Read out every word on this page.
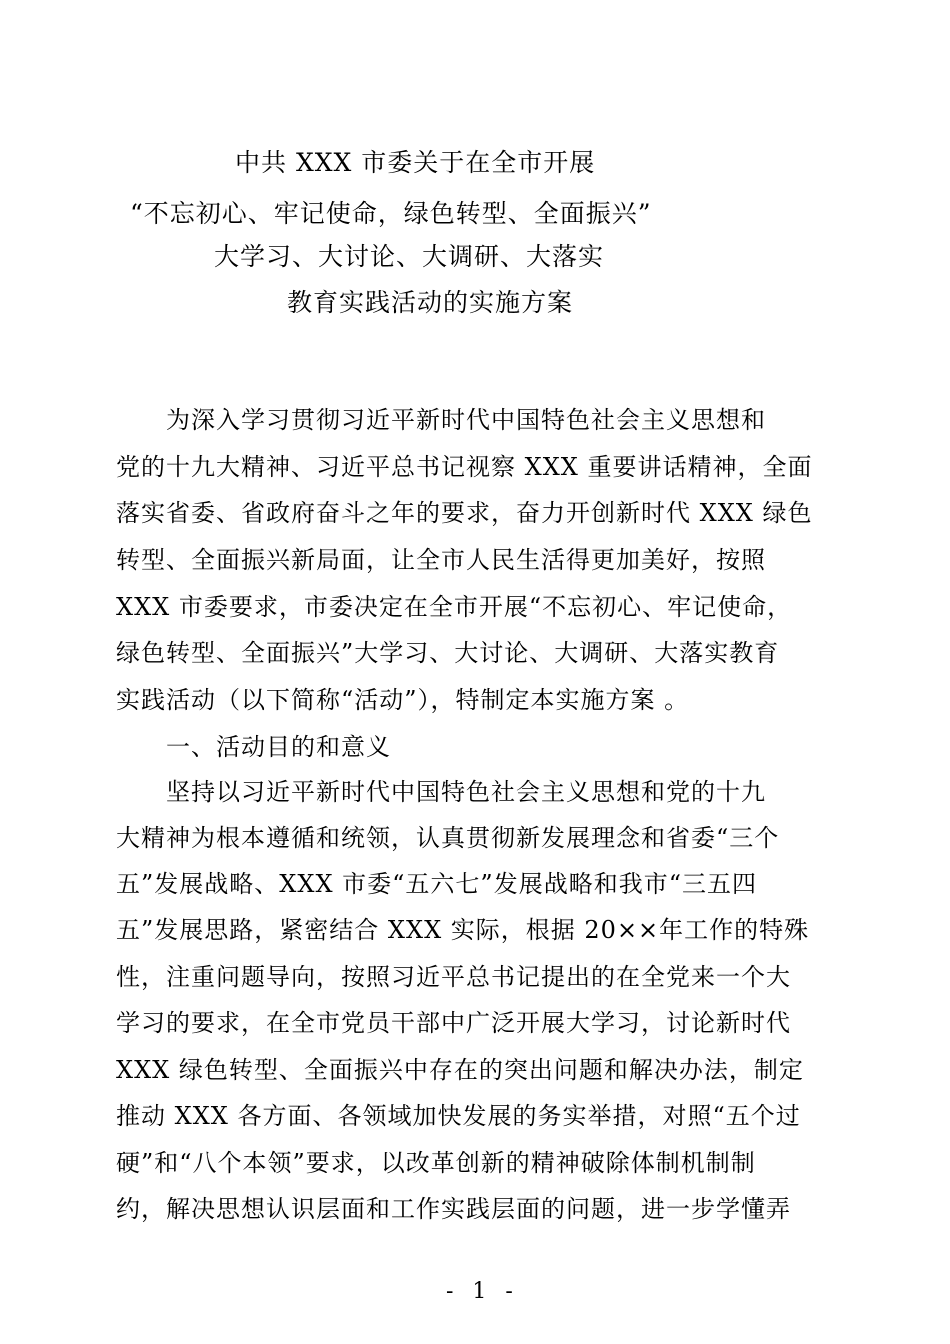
中共 XXX 市委关于在全市开展
“不忘初心、牢记使命，绿色转型、全面振兴”
大学习、大讨论、大调研、大落实
教育实践活动的实施方案
为深入学习贯彻习近平新时代中国特色社会主义思想和
党的十九大精神、习近平总书记视察 XXX 重要讲话精神，全面
落实省委、省政府奋斗之年的要求，奋力开创新时代 XXX 绿色
转型、全面振兴新局面，让全市人民生活得更加美好，按照
XXX 市委要求，市委决定在全市开展“不忘初心、牢记使命，
绿色转型、全面振兴”大学习、大讨论、大调研、大落实教育
实践活动（以下简称“活动”），特制定本实施方案 。
一、活动目的和意义
坚持以习近平新时代中国特色社会主义思想和党的十九
大精神为根本遵循和统领，认真贯彻新发展理念和省委“三个
五”发展战略、XXX 市委“五六七”发展战略和我市“三五四
五”发展思路，紧密结合 XXX 实际，根据 20××年工作的特殊
性，注重问题导向，按照习近平总书记提出的在全党来一个大
学习的要求，在全市党员干部中广泛开展大学习，讨论新时代
XXX 绿色转型、全面振兴中存在的突出问题和解决办法，制定
推动 XXX 各方面、各领域加快发展的务实举措，对照“五个过
硬”和“八个本领”要求，以改革创新的精神破除体制机制制
约，解决思想认识层面和工作实践层面的问题，进一步学懂弄
- 1 -
